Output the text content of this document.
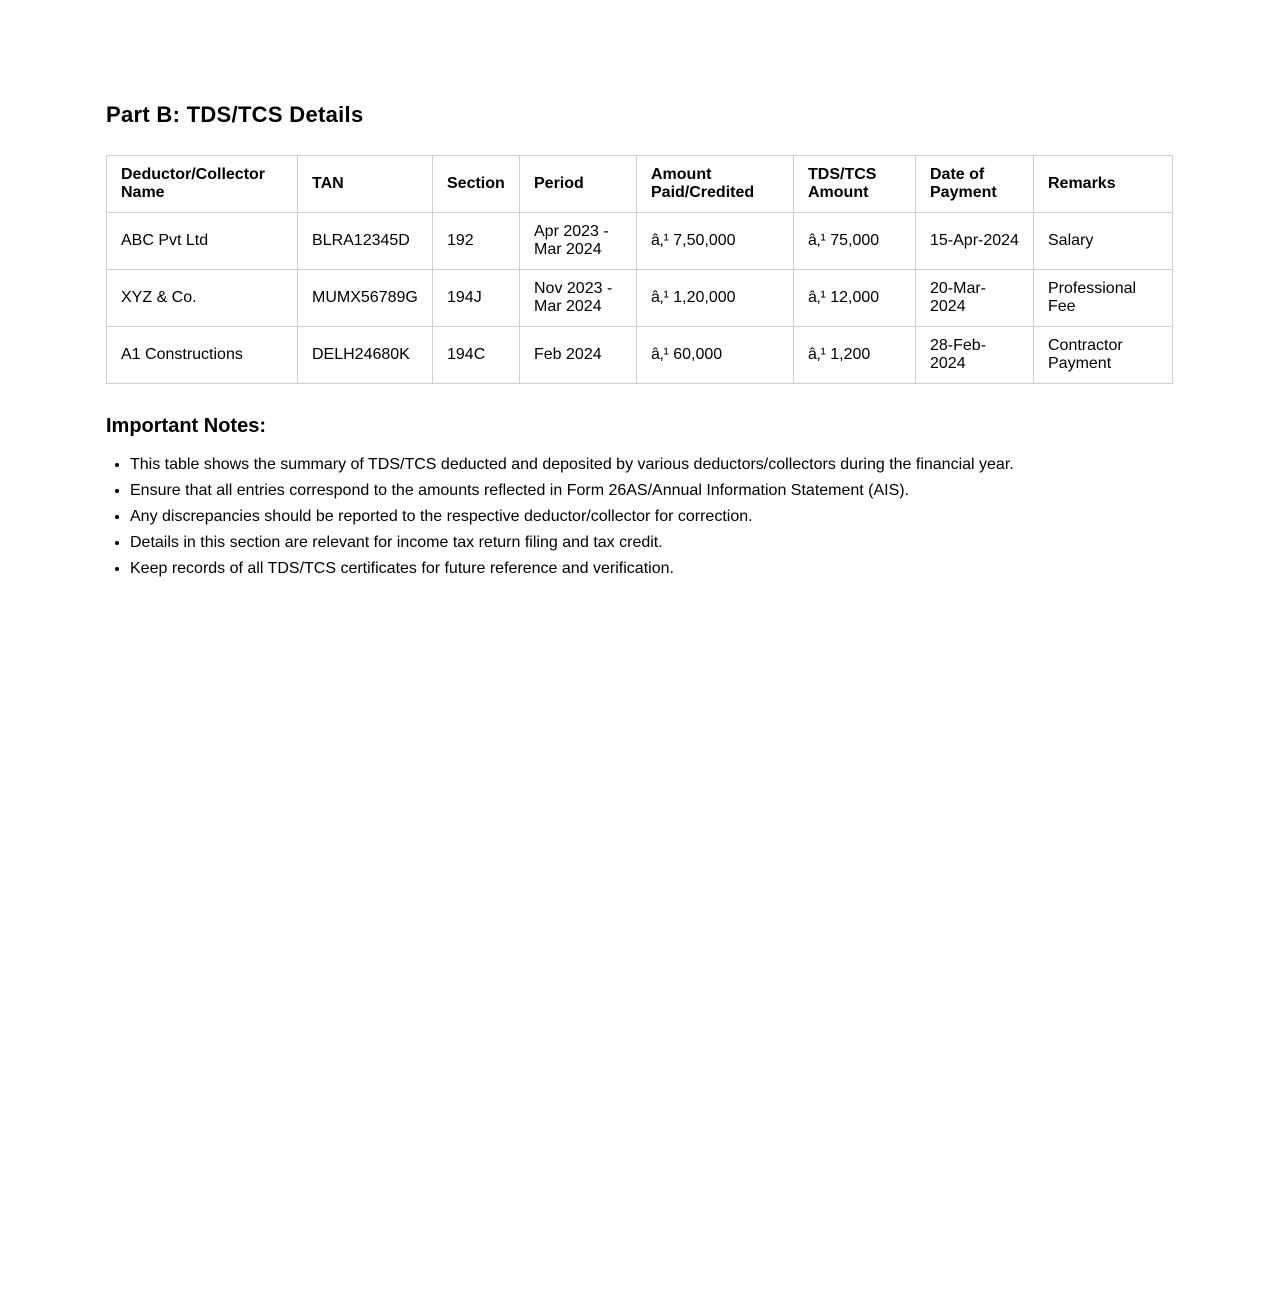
Part B: TDS/TCS Details
Deductor/Collector Name	TAN	Section	Period	Amount Paid/Credited	TDS/TCS Amount	Date of Payment	Remarks
ABC Pvt Ltd	BLRA12345D	192	Apr 2023 - Mar 2024	â‚¹ 7,50,000	â‚¹ 75,000	15-Apr-2024	Salary
XYZ & Co.	MUMX56789G	194J	Nov 2023 - Mar 2024	â‚¹ 1,20,000	â‚¹ 12,000	20-Mar-2024	Professional Fee
A1 Constructions	DELH24680K	194C	Feb 2024	â‚¹ 60,000	â‚¹ 1,200	28-Feb-2024	Contractor Payment
Important Notes:
• This table shows the summary of TDS/TCS deducted and deposited by various deductors/collectors during the financial year.
• Ensure that all entries correspond to the amounts reflected in Form 26AS/Annual Information Statement (AIS).
• Any discrepancies should be reported to the respective deductor/collector for correction.
• Details in this section are relevant for income tax return filing and tax credit.
• Keep records of all TDS/TCS certificates for future reference and verification.
